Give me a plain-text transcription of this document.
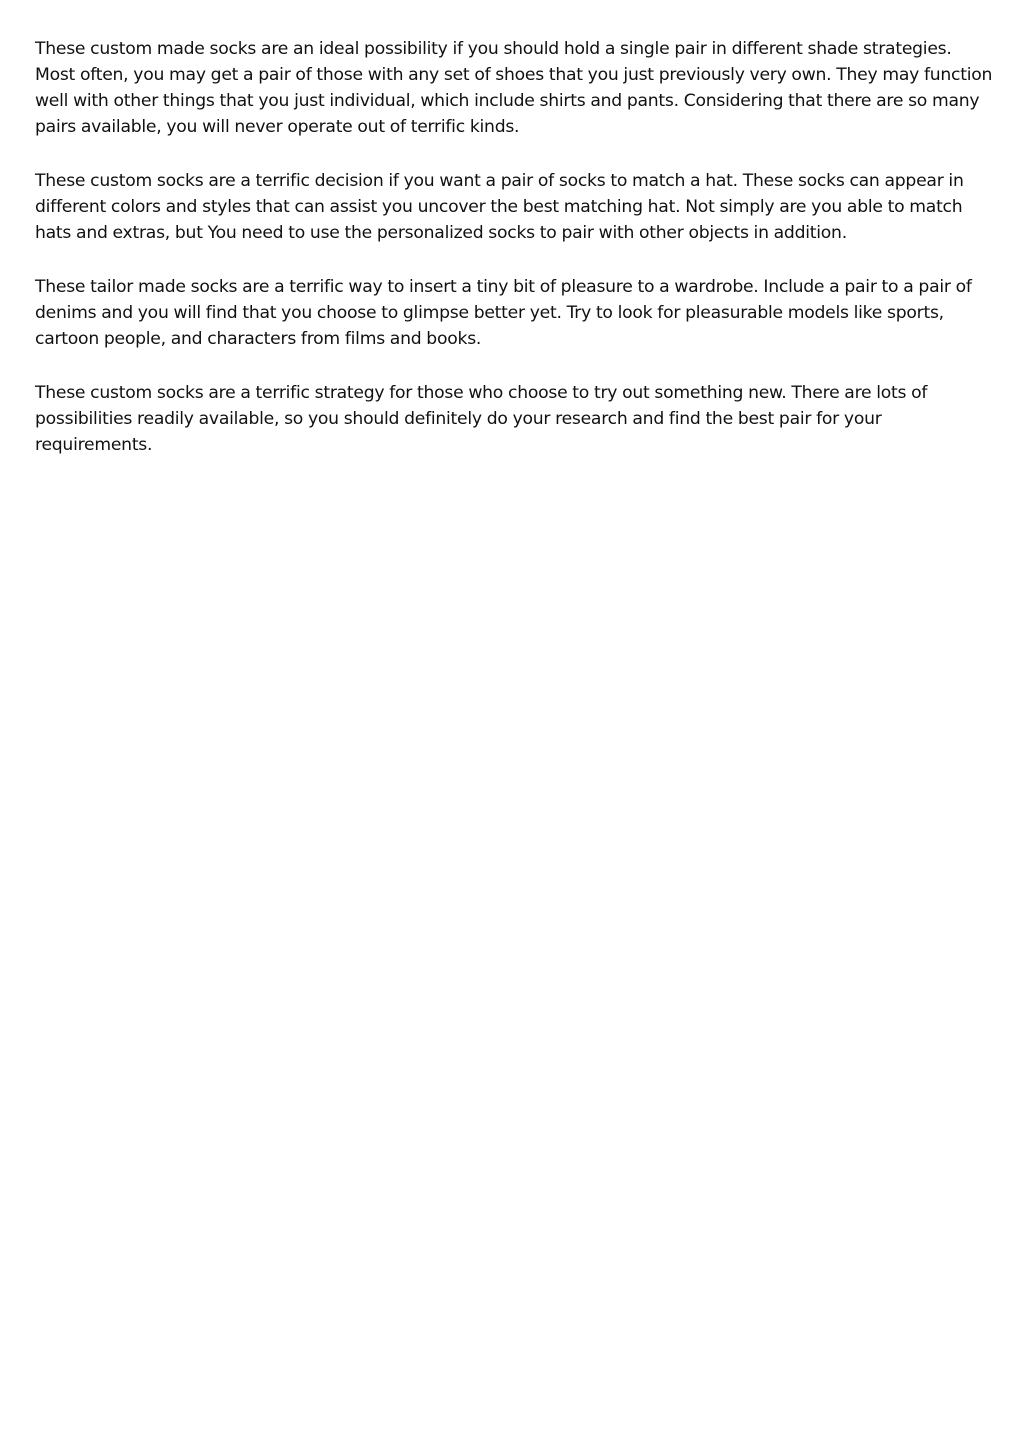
These custom made socks are an ideal possibility if you should hold a single pair in different shade strategies. Most often, you may get a pair of those with any set of shoes that you just previously very own. They may function well with other things that you just individual, which include shirts and pants. Considering that there are so many pairs available, you will never operate out of terrific kinds.

These custom socks are a terrific decision if you want a pair of socks to match a hat. These socks can appear in different colors and styles that can assist you uncover the best matching hat. Not simply are you able to match hats and extras, but You need to use the personalized socks to pair with other objects in addition.

These tailor made socks are a terrific way to insert a tiny bit of pleasure to a wardrobe. Include a pair to a pair of denims and you will find that you choose to glimpse better yet. Try to look for pleasurable models like sports, cartoon people, and characters from films and books.

These custom socks are a terrific strategy for those who choose to try out something new. There are lots of possibilities readily available, so you should definitely do your research and find the best pair for your requirements.
